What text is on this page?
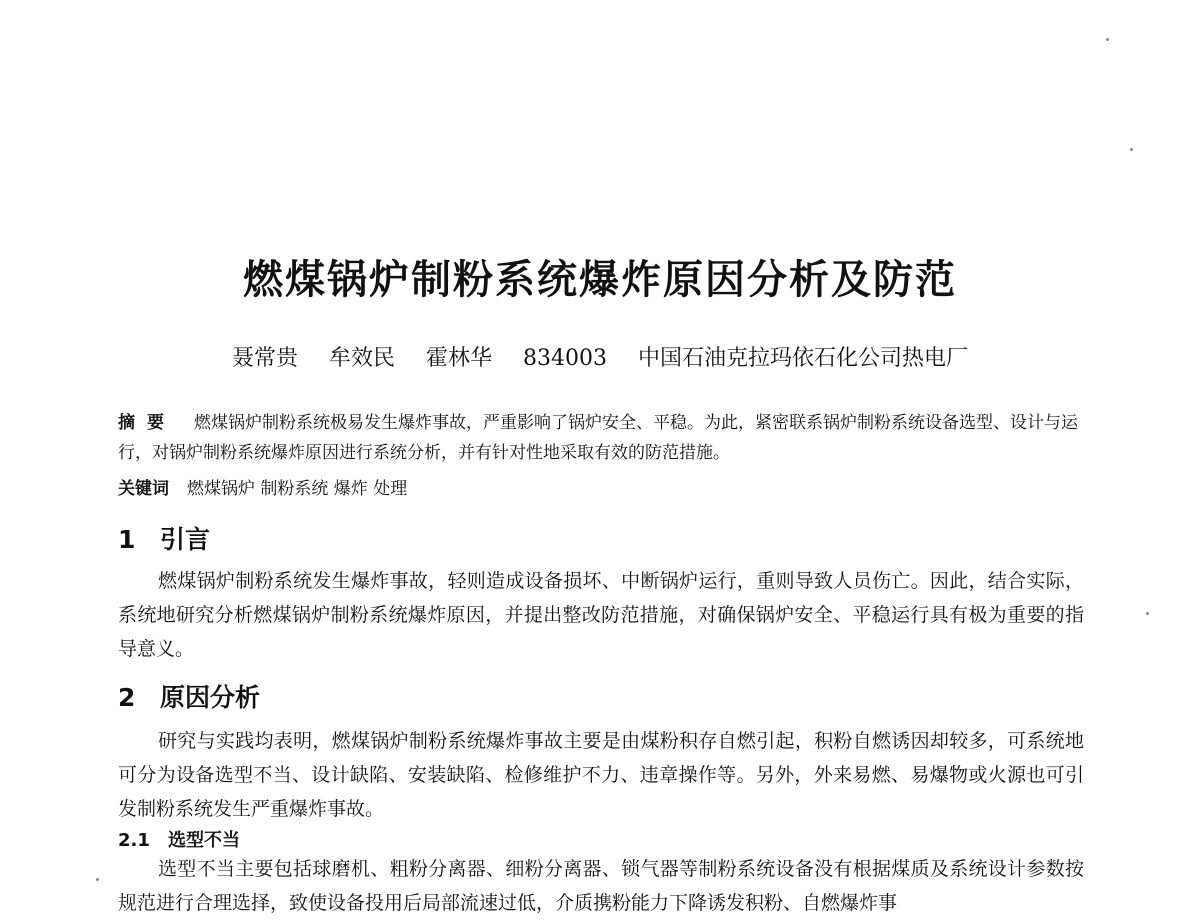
燃煤锅炉制粉系统爆炸原因分析及防范
聂常贵 牟效民 霍林华 834003 中国石油克拉玛依石化公司热电厂
摘要 燃煤锅炉制粉系统极易发生爆炸事故，严重影响了锅炉安全、平稳。为此，紧密联系锅炉制粉系统设备选型、设计与运行，对锅炉制粉系统爆炸原因进行系统分析，并有针对性地采取有效的防范措施。
关键词 燃煤锅炉 制粉系统 爆炸 处理
1 引言

燃煤锅炉制粉系统发生爆炸事故，轻则造成设备损坏、中断锅炉运行，重则导致人员伤亡。因此，结合实际，系统地研究分析燃煤锅炉制粉系统爆炸原因，并提出整改防范措施，对确保锅炉安全、平稳运行具有极为重要的指导意义。

2 原因分析

研究与实践均表明，燃煤锅炉制粉系统爆炸事故主要是由煤粉积存自燃引起，积粉自燃诱因却较多，可系统地可分为设备选型不当、设计缺陷、安装缺陷、检修维护不力、违章操作等。另外，外来易燃、易爆物或火源也可引发制粉系统发生严重爆炸事故。

2.1 选型不当

选型不当主要包括球磨机、粗粉分离器、细粉分离器、锁气器等制粉系统设备没有根据煤质及系统设计参数按规范进行合理选择，致使设备投用后局部流速过低，介质携粉能力下降诱发积粉、自燃爆炸事
